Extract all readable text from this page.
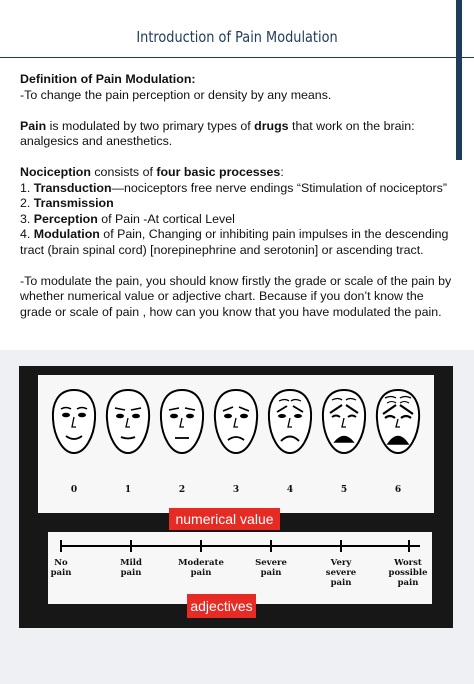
Introduction of Pain Modulation

Definition of Pain Modulation:

-To change the pain perception or density by any means.

Pain is modulated by two primary types of drugs that work on the brain: analgesics and anesthetics.

Nociception consists of four basic processes:

1. Transduction—nociceptors free nerve endings “Stimulation of nociceptors”

2. Transmission

3. Perception of Pain -At cortical Level

4. Modulation of Pain, Changing or inhibiting pain impulses in the descending tract (brain spinal cord) [norepinephrine and serotonin] or ascending tract.

-To modulate the pain, you should know firstly the grade or scale of the pain by whether numerical value or adjective chart. Because if you don’t know the grade or scale of pain , how can you know that you have modulated the pain.

0	1	2	3	4	5	6
numerical value
No
pain
Mild
pain
Moderate
pain
Severe
pain
Very
severe
pain
Worst
possible
pain
adjectives
